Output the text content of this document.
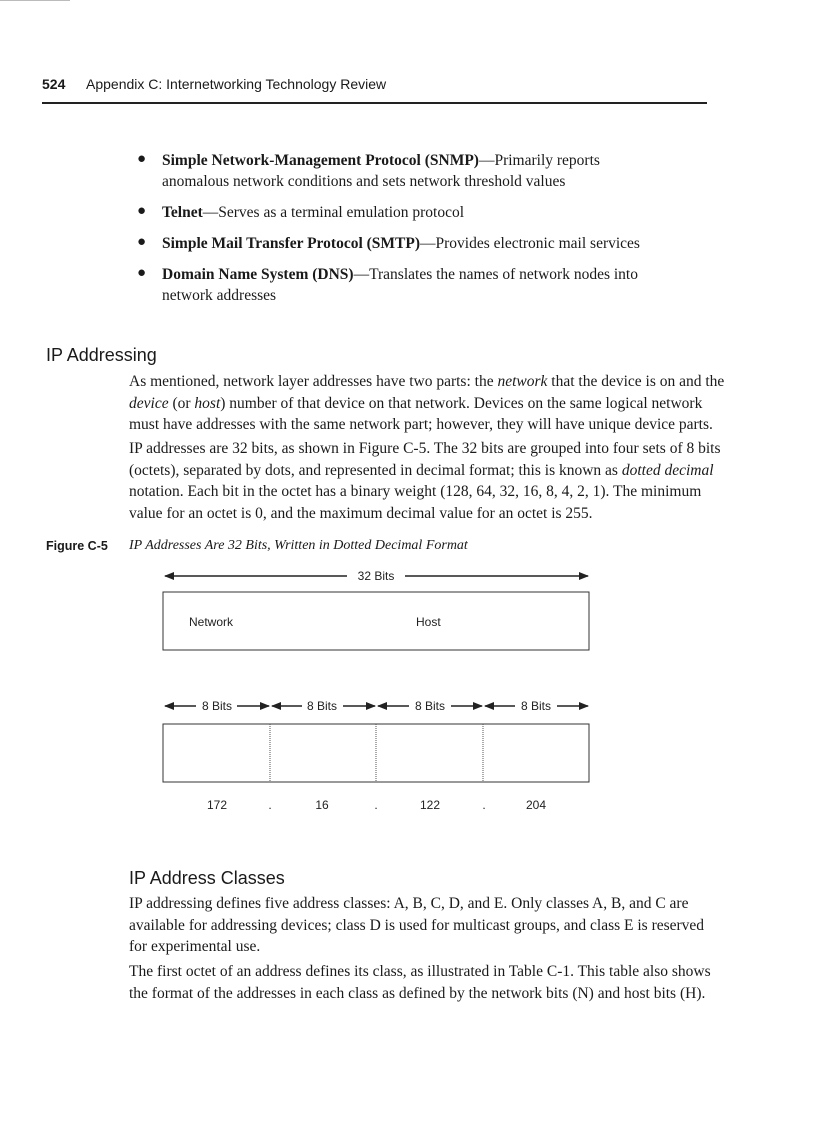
524 Appendix C: Internetworking Technology Review
● Simple Network-Management Protocol (SNMP)—Primarily reports
anomalous network conditions and sets network threshold values
● Telnet—Serves as a terminal emulation protocol
● Simple Mail Transfer Protocol (SMTP)—Provides electronic mail services
● Domain Name System (DNS)—Translates the names of network nodes into
network addresses
IP Addressing
As mentioned, network layer addresses have two parts: the network that the device is on and the
device (or host) number of that device on that network. Devices on the same logical network
must have addresses with the same network part; however, they will have unique device parts.
IP addresses are 32 bits, as shown in Figure C-5. The 32 bits are grouped into four sets of 8 bits
(octets), separated by dots, and represented in decimal format; this is known as dotted decimal
notation. Each bit in the octet has a binary weight (128, 64, 32, 16, 8, 4, 2, 1). The minimum
value for an octet is 0, and the maximum decimal value for an octet is 255.
Figure C-5 IP Addresses Are 32 Bits, Written in Dotted Decimal Format
32 Bits
Network	Host
8 Bits	8 Bits	8 Bits	8 Bits
172	.	16	.	122	.	204
IP Address Classes
IP addressing defines five address classes: A, B, C, D, and E. Only classes A, B, and C are
available for addressing devices; class D is used for multicast groups, and class E is reserved
for experimental use.
The first octet of an address defines its class, as illustrated in Table C-1. This table also shows
the format of the addresses in each class as defined by the network bits (N) and host bits (H).
